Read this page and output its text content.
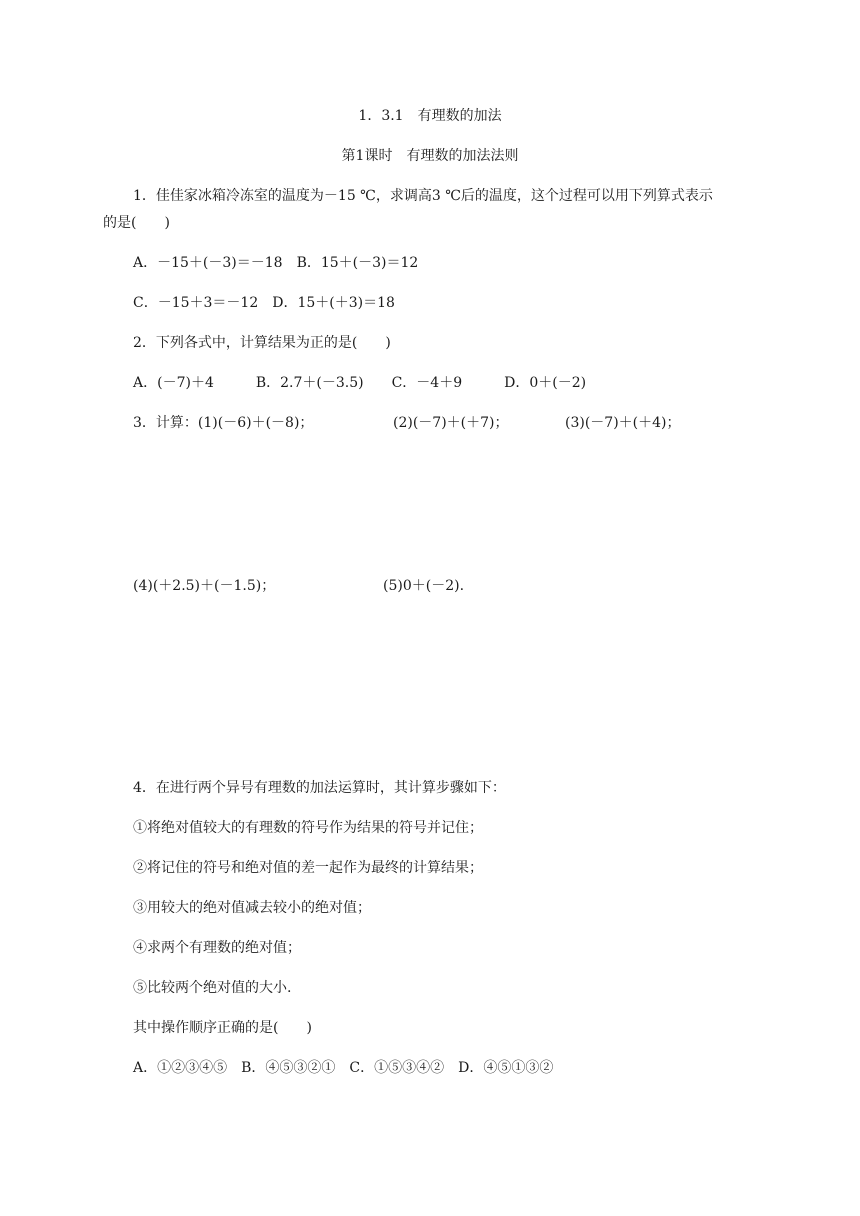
1．3.1　有理数的加法
第1课时　有理数的加法法则
1．佳佳家冰箱冷冻室的温度为－15 ℃，求调高3 ℃后的温度，这个过程可以用下列算式表示
的是(　　)
A．－15＋(－3)＝－18　B．15＋(－3)＝12
C．－15＋3＝－12　D．15＋(＋3)＝18
2．下列各式中，计算结果为正的是(　　)
A．(－7)＋4　　　B．2.7＋(－3.5)　　C．－4＋9　　　D．0＋(－2)
3．计算：(1)(－6)＋(－8)；	(2)(－7)＋(＋7)；	(3)(－7)＋(＋4)；
(4)(＋2.5)＋(－1.5)；	(5)0＋(－2).
4．在进行两个异号有理数的加法运算时，其计算步骤如下：
①将绝对值较大的有理数的符号作为结果的符号并记住；
②将记住的符号和绝对值的差一起作为最终的计算结果；
③用较大的绝对值减去较小的绝对值；
④求两个有理数的绝对值；
⑤比较两个绝对值的大小.
其中操作顺序正确的是(　　)
A．①②③④⑤　B．④⑤③②①　C．①⑤③④②　D．④⑤①③②
